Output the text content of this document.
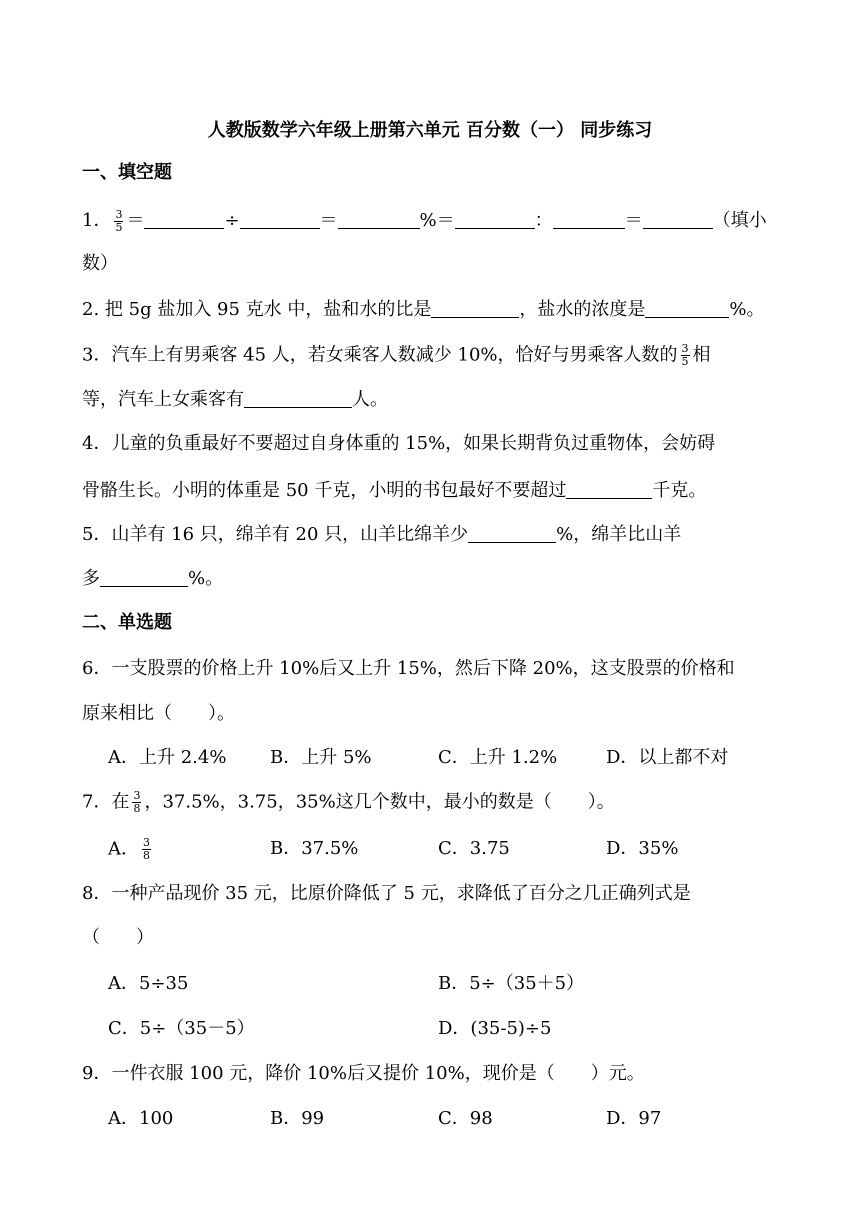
人教版数学六年级上册第六单元 百分数（一） 同步练习
一、填空题
1． $\frac{3}{5}$ ＝	÷	＝	%＝	：	＝	（填小
数）
2. 把 5g 盐加入 95 克水 中，盐和水的比是	，盐水的浓度是	%。
3．汽车上有男乘客 45 人，若女乘客人数减少 10%，恰好与男乘客人数的 $\frac{3}{5}$ 相
等，汽车上女乘客有	人。
4．儿童的负重最好不要超过自身体重的 15%，如果长期背负过重物体，会妨碍
骨骼生长。小明的体重是 50 千克，小明的书包最好不要超过	千克。
5．山羊有 16 只，绵羊有 20 只，山羊比绵羊少	%，绵羊比山羊
多	%。
二、单选题
6．一支股票的价格上升 10%后又上升 15%，然后下降 20%，这支股票的价格和
原来相比（　　）。
A．上升 2.4% B．上升 5%	C．上升 1.2%	D．以上都不对
7．在 $\frac{3}{8}$ ，37.5%，3.75，35%这几个数中，最小的数是（　　）。
A． $\frac{3}{8}$	B．37.5%	C．3.75	D．35%
8．一种产品现价 35 元，比原价降低了 5 元，求降低了百分之几正确列式是
（　　）
A．5÷35	B．5÷（35＋5）
C．5÷（35－5）	D．(35-5)÷5
9．一件衣服 100 元，降价 10%后又提价 10%，现价是（　　）元。
A．100	B．99	C．98	D．97
